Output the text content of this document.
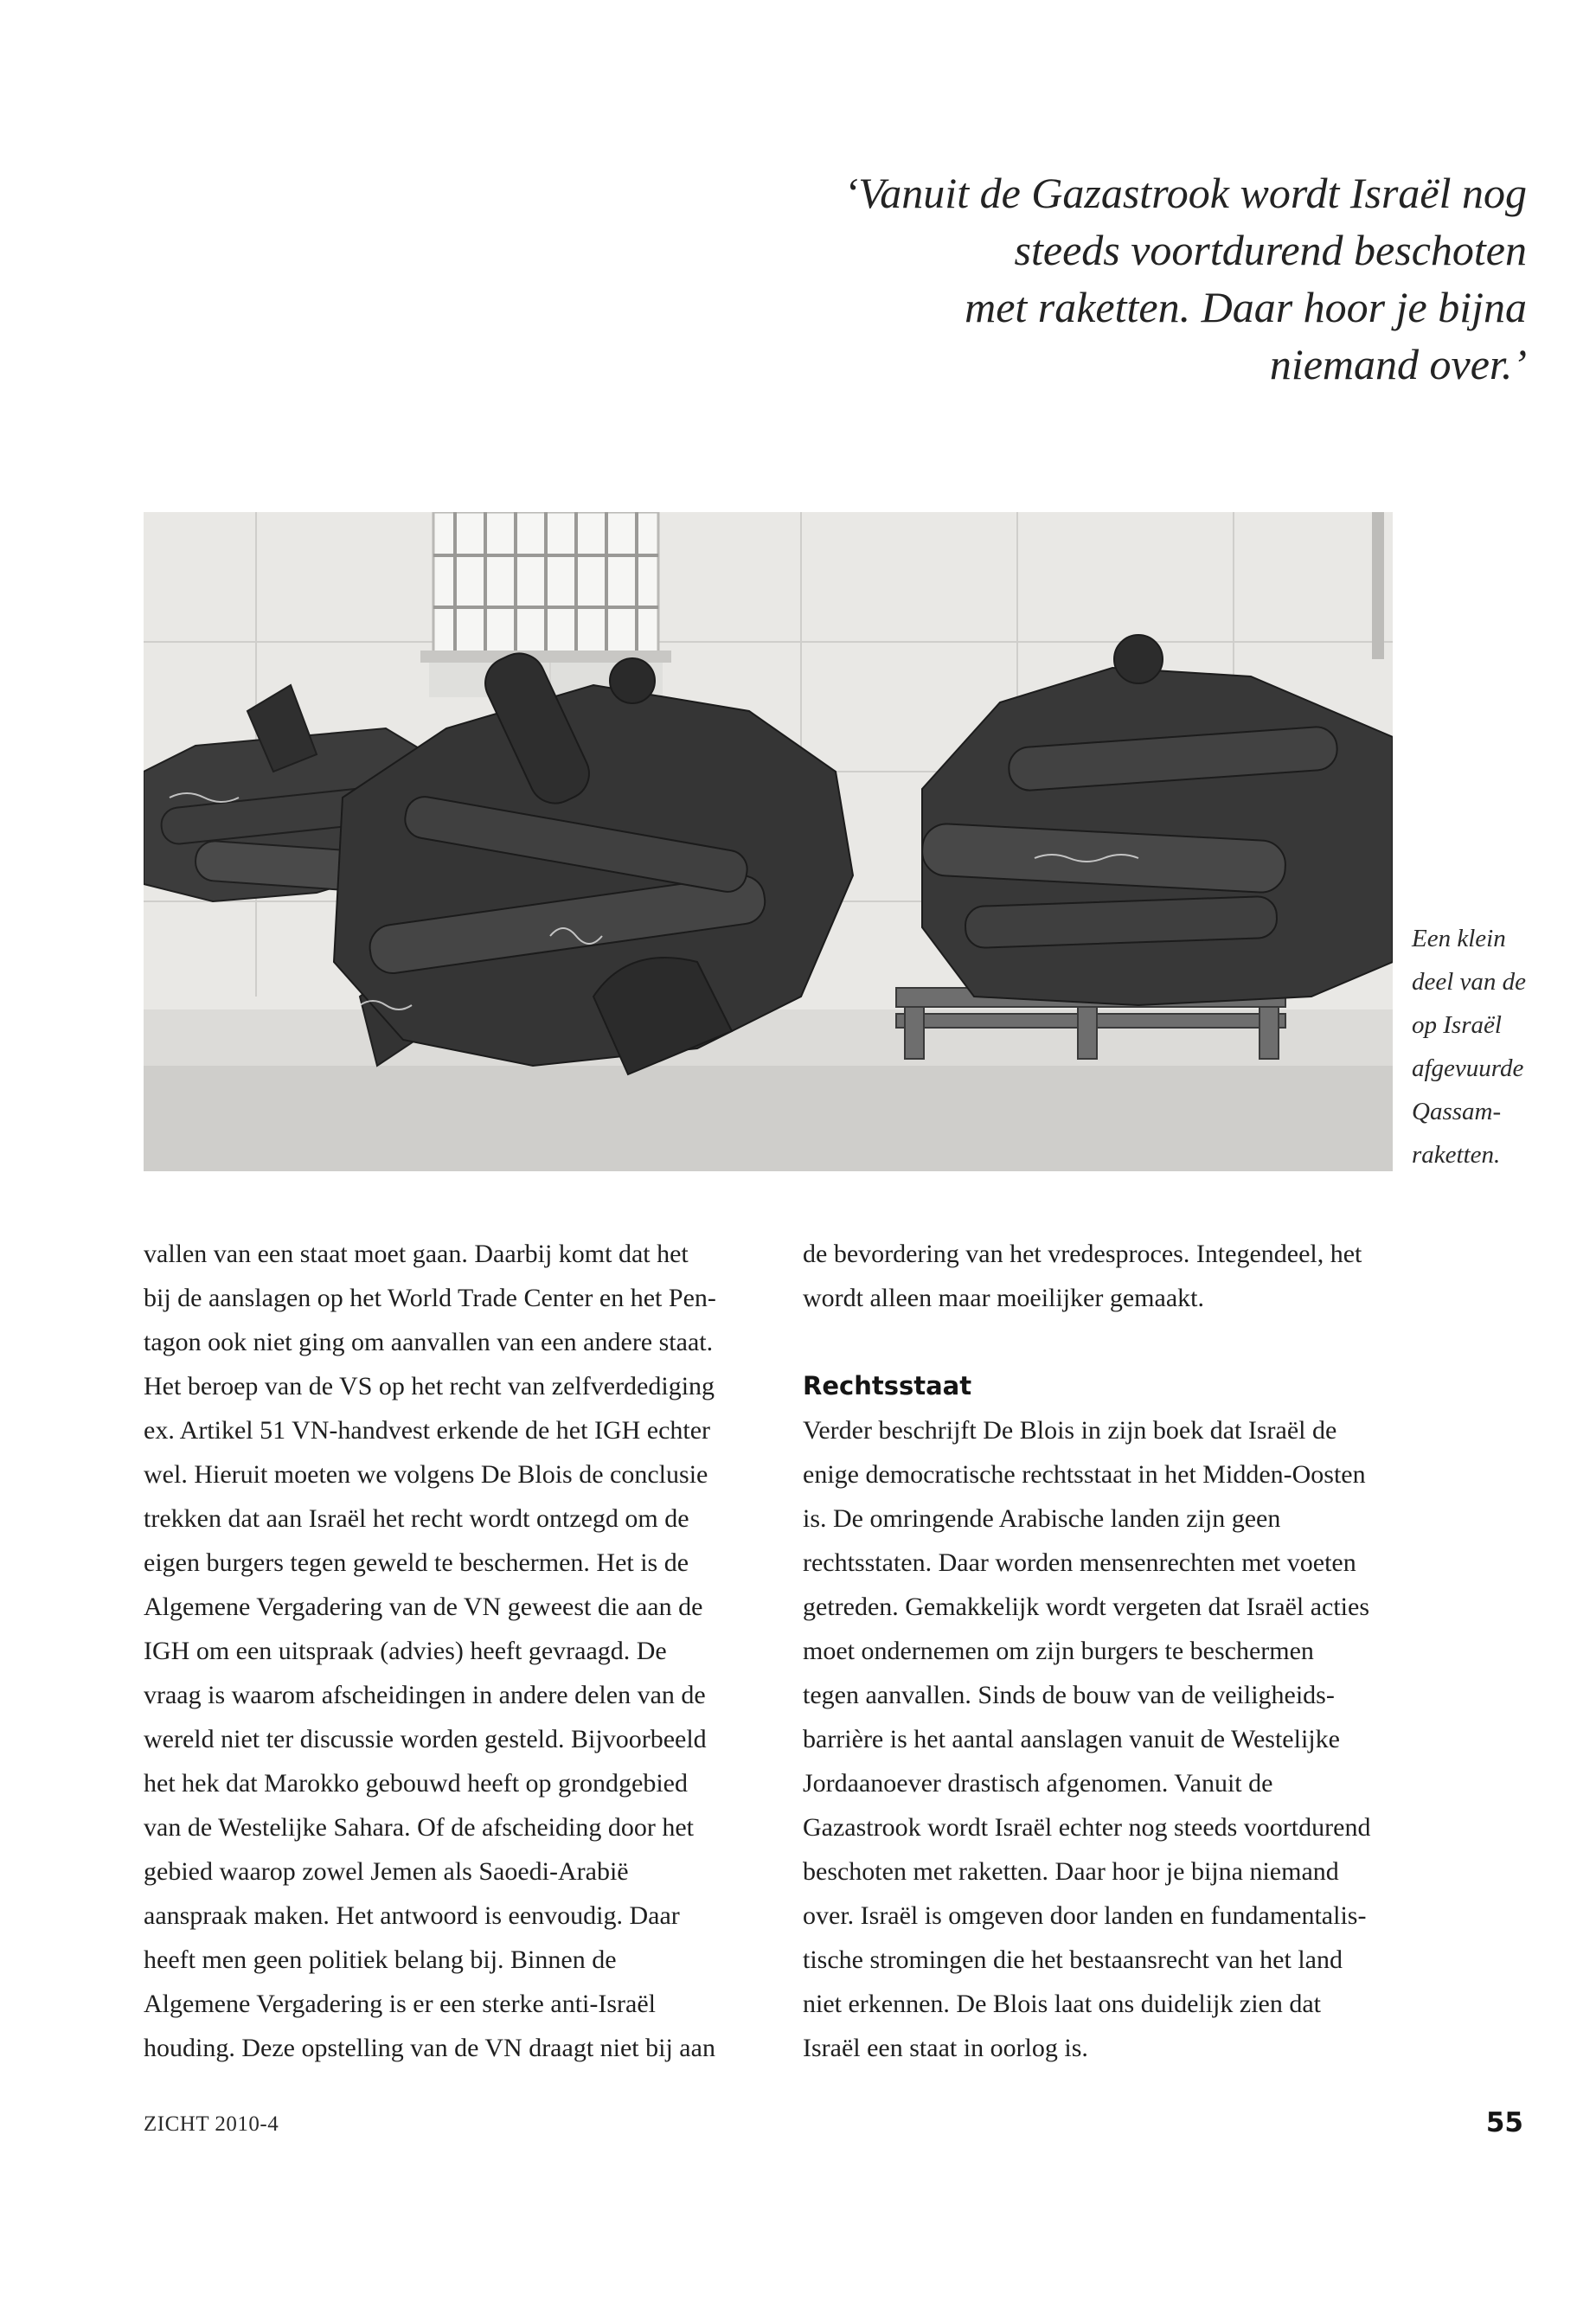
‘Vanuit de Gazastrook wordt Israël nog
steeds voortdurend beschoten
met raketten. Daar hoor je bijna
niemand over.’
Een klein
deel van de
op Israël
afgevuurde
Qassam-
raketten.
vallen van een staat moet gaan. Daarbij komt dat het
bij de aanslagen op het World Trade Center en het Pen-
tagon ook niet ging om aanvallen van een andere staat.
Het beroep van de VS op het recht van zelfverdediging
ex. Artikel 51 VN-handvest erkende de het IGH echter
wel. Hieruit moeten we volgens De Blois de conclusie
trekken dat aan Israël het recht wordt ontzegd om de
eigen burgers tegen geweld te beschermen. Het is de
Algemene Vergadering van de VN geweest die aan de
IGH om een uitspraak (advies) heeft gevraagd. De
vraag is waarom afscheidingen in andere delen van de
wereld niet ter discussie worden gesteld. Bijvoorbeeld
het hek dat Marokko gebouwd heeft op grondgebied
van de Westelijke Sahara. Of de afscheiding door het
gebied waarop zowel Jemen als Saoedi-Arabië
aanspraak maken. Het antwoord is eenvoudig. Daar
heeft men geen politiek belang bij. Binnen de
Algemene Vergadering is er een sterke anti-Israël
houding. Deze opstelling van de VN draagt niet bij aan
de bevordering van het vredesproces. Integendeel, het
wordt alleen maar moeilijker gemaakt.
Rechtsstaat
Verder beschrijft De Blois in zijn boek dat Israël de
enige democratische rechtsstaat in het Midden-Oosten
is. De omringende Arabische landen zijn geen
rechtsstaten. Daar worden mensenrechten met voeten
getreden. Gemakkelijk wordt vergeten dat Israël acties
moet ondernemen om zijn burgers te beschermen
tegen aanvallen. Sinds de bouw van de veiligheids-
barrière is het aantal aanslagen vanuit de Westelijke
Jordaanoever drastisch afgenomen. Vanuit de
Gazastrook wordt Israël echter nog steeds voortdurend
beschoten met raketten. Daar hoor je bijna niemand
over. Israël is omgeven door landen en fundamentalis-
tische stromingen die het bestaansrecht van het land
niet erkennen. De Blois laat ons duidelijk zien dat
Israël een staat in oorlog is.
ZICHT 2010-4	55
